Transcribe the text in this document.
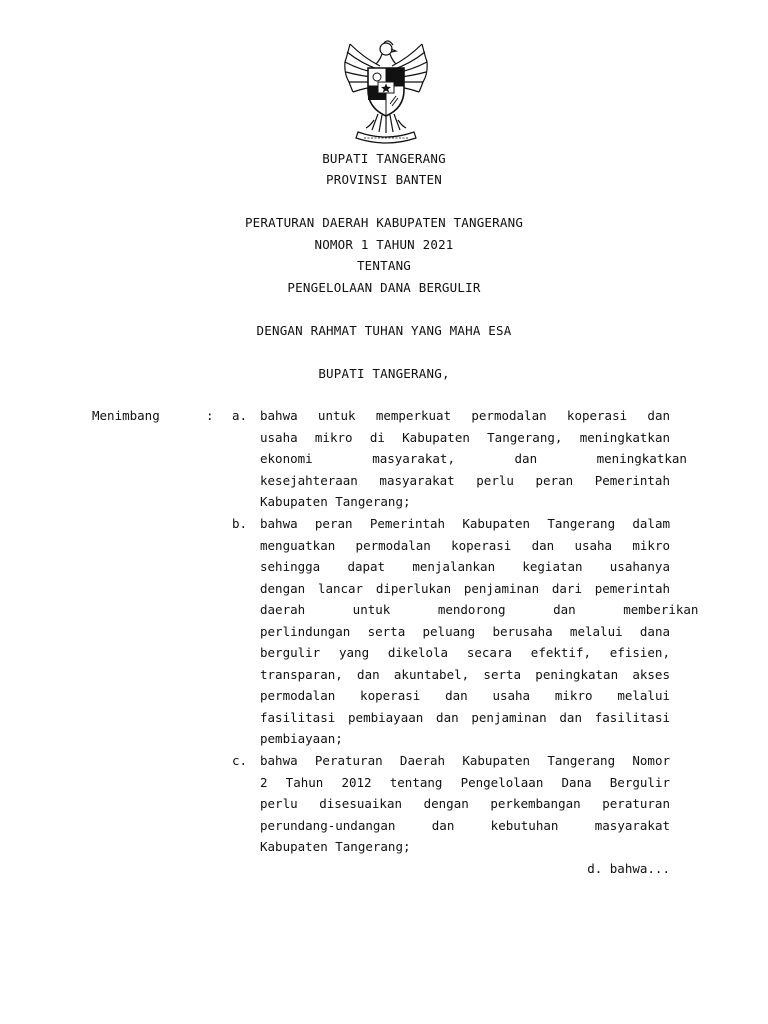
BUPATI TANGERANG
PROVINSI BANTEN
PERATURAN DAERAH KABUPATEN TANGERANG
NOMOR 1 TAHUN 2021
TENTANG
PENGELOLAAN DANA BERGULIR
DENGAN RAHMAT TUHAN YANG MAHA ESA
BUPATI TANGERANG,
Menimbang	: a. bahwa untuk memperkuat permodalan koperasi dan
usaha mikro di Kabupaten Tangerang, meningkatkan
ekonomi masyarakat, dan meningkatkan
kesejahteraan masyarakat perlu peran Pemerintah
Kabupaten Tangerang;
b. bahwa peran Pemerintah Kabupaten Tangerang dalam
menguatkan permodalan koperasi dan usaha mikro
sehingga dapat menjalankan kegiatan usahanya
dengan lancar diperlukan penjaminan dari pemerintah
daerah untuk mendorong dan memberikan
perlindungan serta peluang berusaha melalui dana
bergulir yang dikelola secara efektif, efisien,
transparan, dan akuntabel, serta peningkatan akses
permodalan koperasi dan usaha mikro melalui
fasilitasi pembiayaan dan penjaminan dan fasilitasi
pembiayaan;
c. bahwa Peraturan Daerah Kabupaten Tangerang Nomor
2 Tahun 2012 tentang Pengelolaan Dana Bergulir
perlu disesuaikan dengan perkembangan peraturan
perundang-undangan dan kebutuhan masyarakat
Kabupaten Tangerang;
d. bahwa...
